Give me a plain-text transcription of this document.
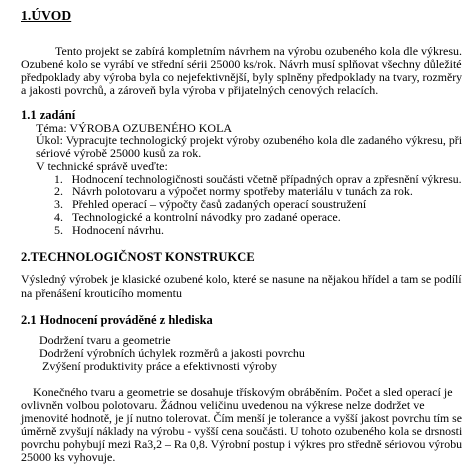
1.ÚVOD
Tento projekt se zabírá kompletním návrhem na výrobu ozubeného kola dle výkresu.
Ozubené kolo se vyrábí ve střední sérii 25000 ks/rok. Návrh musí splňovat všechny důležité
předpoklady aby výroba byla co nejefektivnější, byly splněny předpoklady na tvary, rozměry
a jakosti povrchů, a zároveň byla výroba v přijatelných cenových relacích.
1.1 zadání
Téma: VÝROBA OZUBENÉHO KOLA
Úkol: Vypracujte technologický projekt výroby ozubeného kola dle zadaného výkresu, při
sériové výrobě 25000 kusů za rok.
V technické správě uveďte:
1. Hodnocení technologičnosti součásti včetně případných oprav a zpřesnění výkresu.
2. Návrh polotovaru a výpočet normy spotřeby materiálu v tunách za rok.
3. Přehled operací – výpočty časů zadaných operací soustružení
4. Technologické a kontrolní návodky pro zadané operace.
5. Hodnocení návrhu.
2.TECHNOLOGIČNOST KONSTRUKCE
Výsledný výrobek je klasické ozubené kolo, které se nasune na nějakou hřídel a tam se podílí
na přenášení krouticího momentu
2.1 Hodnocení prováděné z hlediska
Dodržení tvaru a geometrie
Dodržení výrobních úchylek rozměrů a jakosti povrchu
Zvýšení produktivity práce a efektivnosti výroby
Konečného tvaru a geometrie se dosahuje třískovým obráběním. Počet a sled operací je
ovlivněn volbou polotovaru. Žádnou veličinu uvedenou na výkrese nelze dodržet ve
jmenovité hodnotě, je jí nutno tolerovat. Čím menší je tolerance a vyšší jakost povrchu tím se
úměrně zvyšují náklady na výrobu - vyšší cena součásti. U tohoto ozubeného kola se drsnosti
povrchu pohybují mezi Ra3,2 – Ra 0,8. Výrobní postup i výkres pro středně sériovou výrobu
25000 ks vyhovuje.
